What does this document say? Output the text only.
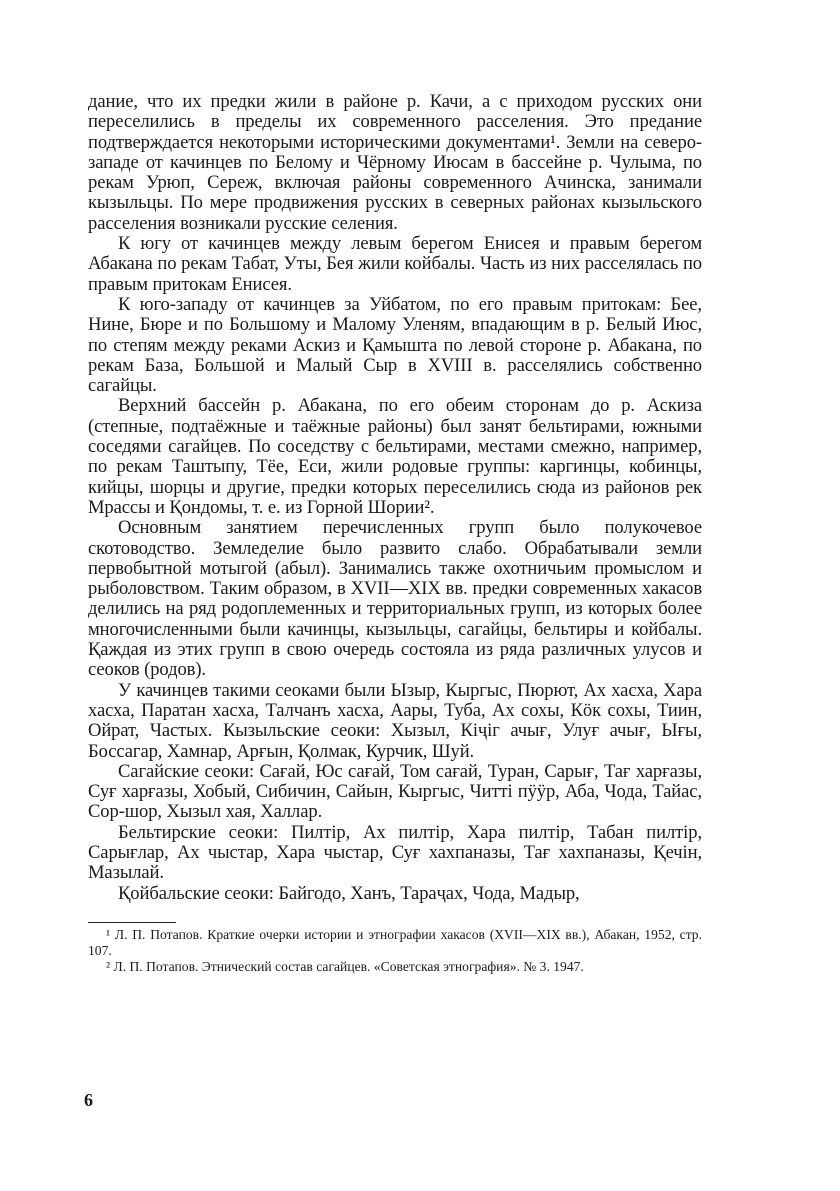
дание, что их предки жили в районе р. Качи, а с приходом русских они переселились в пределы их современного расселения. Это предание подтверждается некоторыми историческими документами¹. Земли на северо-западе от качинцев по Белому и Чёрному Июсам в бассейне р. Чулыма, по рекам Урюп, Сереж, включая районы современного Ачинска, занимали кызыльцы. По мере продвижения русских в северных районах кызыльского расселения возникали русские селения.

К югу от качинцев между левым берегом Енисея и правым берегом Абакана по рекам Табат, Уты, Бея жили койбалы. Часть из них расселялась по правым притокам Енисея.

К юго-западу от качинцев за Уйбатом, по его правым притокам: Бее, Нине, Бюре и по Большому и Малому Уленям, впадающим в р. Белый Июс, по степям между реками Аскиз и Қамышта по левой стороне р. Абакана, по рекам База, Большой и Малый Сыр в XVIII в. расселялись собственно сагайцы.

Верхний бассейн р. Абакана, по его обеим сторонам до р. Аскиза (степные, подтаёжные и таёжные районы) был занят бельтирами, южными соседями сагайцев. По соседству с бельтирами, местами смежно, например, по рекам Таштыпу, Тёе, Еси, жили родовые группы: каргинцы, кобинцы, кийцы, шорцы и другие, предки которых переселились сюда из районов рек Мрассы и Қондомы, т. е. из Горной Шории².

Основным занятием перечисленных групп было полукочевое скотоводство. Земледелие было развито слабо. Обрабатывали земли первобытной мотыгой (абыл). Занимались также охотничьим промыслом и рыболовством. Таким образом, в XVII—XIX вв. предки современных хакасов делились на ряд родоплеменных и территориальных групп, из которых более многочисленными были качинцы, кызыльцы, сагайцы, бельтиры и койбалы. Қаждая из этих групп в свою очередь состояла из ряда различных улусов и сеоков (родов).

У качинцев такими сеоками были Ызыр, Кыргыс, Пюрют, Ах хасха, Хара хасха, Паратан хасха, Талчанъ хасха, Аары, Туба, Ах сохы, Кӧк сохы, Тиин, Ойрат, Частых. Кызыльские сеоки: Хызыл, Кіҷіг ачығ, Улуғ ачығ, Ығы, Боссагар, Хамнар, Арғын, Қолмак, Курчик, Шуй.

Сагайские сеоки: Сағай, Юс сағай, Том сағай, Туран, Сарығ, Тағ харғазы, Суғ харғазы, Хобый, Сибичин, Сайын, Кыргыс, Читті пӱӱр, Аба, Чода, Тайас, Сор-шор, Хызыл хая, Халлар.

Бельтирские сеоки: Пилтір, Ах пилтір, Хара пилтір, Табан пилтір, Сарығлар, Ах чыстар, Хара чыстар, Суғ хахпаназы, Тағ хахпаназы, Қечін, Мазылай.

Қойбальские сеоки: Байгодо, Ханъ, Тараҷах, Чода, Мадыр,

¹ Л. П. Потапов. Краткие очерки истории и этнографии хакасов (XVII—XIX вв.), Абакан, 1952, стр. 107.

² Л. П. Потапов. Этнический состав сагайцев. «Советская этнография». № 3. 1947.

6
